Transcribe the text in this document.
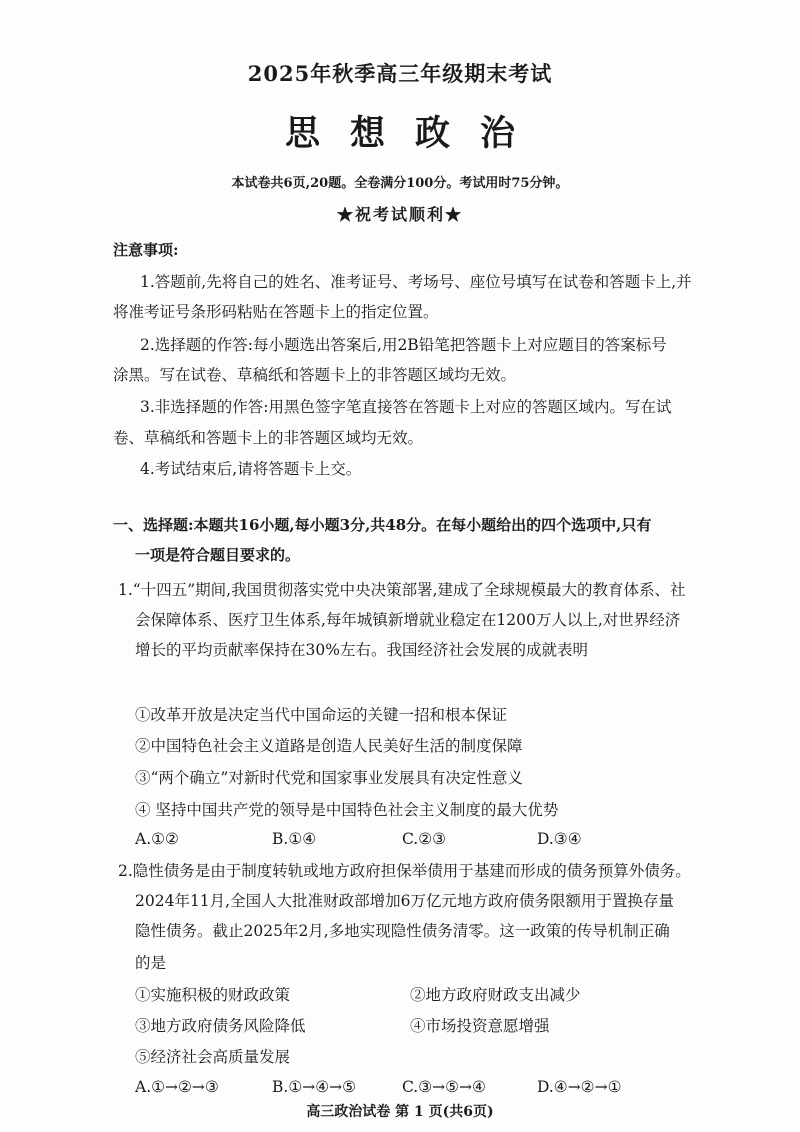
2025年秋季高三年级期末考试
思想政治
本试卷共6页,20题。全卷满分100分。考试用时75分钟。
★祝考试顺利★
注意事项:
1.答题前,先将自己的姓名、准考证号、考场号、座位号填写在试卷和答题卡上,并
将准考证号条形码粘贴在答题卡上的指定位置。
2.选择题的作答:每小题选出答案后,用2B铅笔把答题卡上对应题目的答案标号
涂黑。写在试卷、草稿纸和答题卡上的非答题区域均无效。
3.非选择题的作答:用黑色签字笔直接答在答题卡上对应的答题区域内。写在试
卷、草稿纸和答题卡上的非答题区域均无效。
4.考试结束后,请将答题卡上交。
一、选择题:本题共16小题,每小题3分,共48分。在每小题给出的四个选项中,只有
一项是符合题目要求的。
1.“十四五”期间,我国贯彻落实党中央决策部署,建成了全球规模最大的教育体系、社
会保障体系、医疗卫生体系,每年城镇新增就业稳定在1200万人以上,对世界经济
增长的平均贡献率保持在30%左右。我国经济社会发展的成就表明
①改革开放是决定当代中国命运的关键一招和根本保证
②中国特色社会主义道路是创造人民美好生活的制度保障
③“两个确立”对新时代党和国家事业发展具有决定性意义
④ 坚持中国共产党的领导是中国特色社会主义制度的最大优势
A.①②	B.①④	C.②③	D.③④
2.隐性债务是由于制度转轨或地方政府担保举债用于基建而形成的债务预算外债务。
2024年11月,全国人大批准财政部增加6万亿元地方政府债务限额用于置换存量
隐性债务。截止2025年2月,多地实现隐性债务清零。这一政策的传导机制正确
的是
①实施积极的财政政策	②地方政府财政支出减少
③地方政府债务风险降低	④市场投资意愿增强
⑤经济社会高质量发展
A.①→②→③	B.①→④→⑤	C.③→⑤→④	D.④→②→①
高三政治试卷 第 1 页(共6页)
